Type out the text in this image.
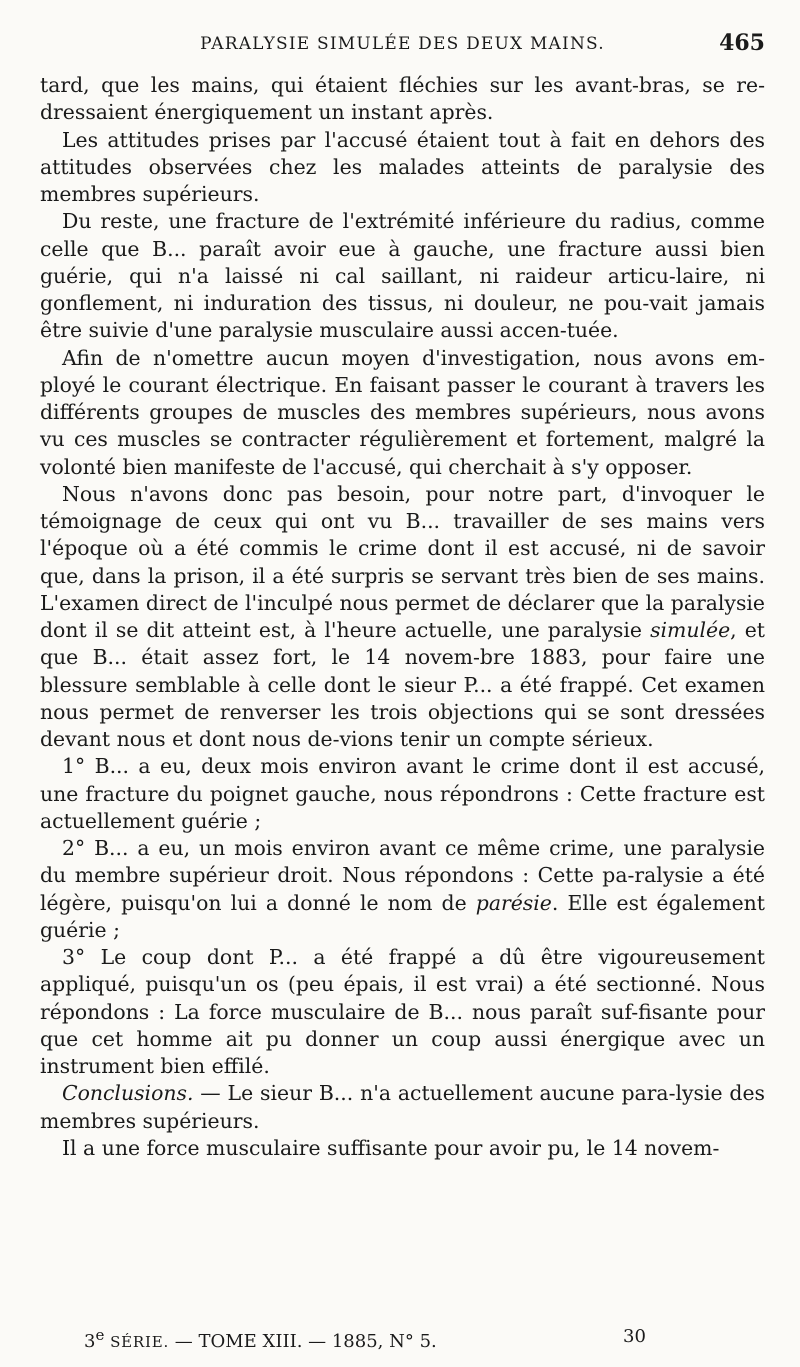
PARALYSIE SIMULÉE DES DEUX MAINS.	465

tard, que les mains, qui étaient fléchies sur les avant-bras, se re-dressaient énergiquement un instant après.

Les attitudes prises par l'accusé étaient tout à fait en dehors des attitudes observées chez les malades atteints de paralysie des membres supérieurs.

Du reste, une fracture de l'extrémité inférieure du radius, comme celle que B... paraît avoir eue à gauche, une fracture aussi bien guérie, qui n'a laissé ni cal saillant, ni raideur articu-laire, ni gonflement, ni induration des tissus, ni douleur, ne pou-vait jamais être suivie d'une paralysie musculaire aussi accen-tuée.

Afin de n'omettre aucun moyen d'investigation, nous avons em-ployé le courant électrique. En faisant passer le courant à travers les différents groupes de muscles des membres supérieurs, nous avons vu ces muscles se contracter régulièrement et fortement, malgré la volonté bien manifeste de l'accusé, qui cherchait à s'y opposer.

Nous n'avons donc pas besoin, pour notre part, d'invoquer le témoignage de ceux qui ont vu B... travailler de ses mains vers l'époque où a été commis le crime dont il est accusé, ni de savoir que, dans la prison, il a été surpris se servant très bien de ses mains. L'examen direct de l'inculpé nous permet de déclarer que la paralysie dont il se dit atteint est, à l'heure actuelle, une paralysie simulée, et que B... était assez fort, le 14 novem-bre 1883, pour faire une blessure semblable à celle dont le sieur P... a été frappé. Cet examen nous permet de renverser les trois objections qui se sont dressées devant nous et dont nous de-vions tenir un compte sérieux.

1° B... a eu, deux mois environ avant le crime dont il est accusé, une fracture du poignet gauche, nous répondrons : Cette fracture est actuellement guérie ;

2° B... a eu, un mois environ avant ce même crime, une paralysie du membre supérieur droit. Nous répondons : Cette pa-ralysie a été légère, puisqu'on lui a donné le nom de parésie. Elle est également guérie ;

3° Le coup dont P... a été frappé a dû être vigoureusement appliqué, puisqu'un os (peu épais, il est vrai) a été sectionné. Nous répondons : La force musculaire de B... nous paraît suf-fisante pour que cet homme ait pu donner un coup aussi énergique avec un instrument bien effilé.

Conclusions. — Le sieur B... n'a actuellement aucune para-lysie des membres supérieurs.

Il a une force musculaire suffisante pour avoir pu, le 14 novem-

3e SÉRIE. — TOME XIII. — 1885, N° 5.	30
